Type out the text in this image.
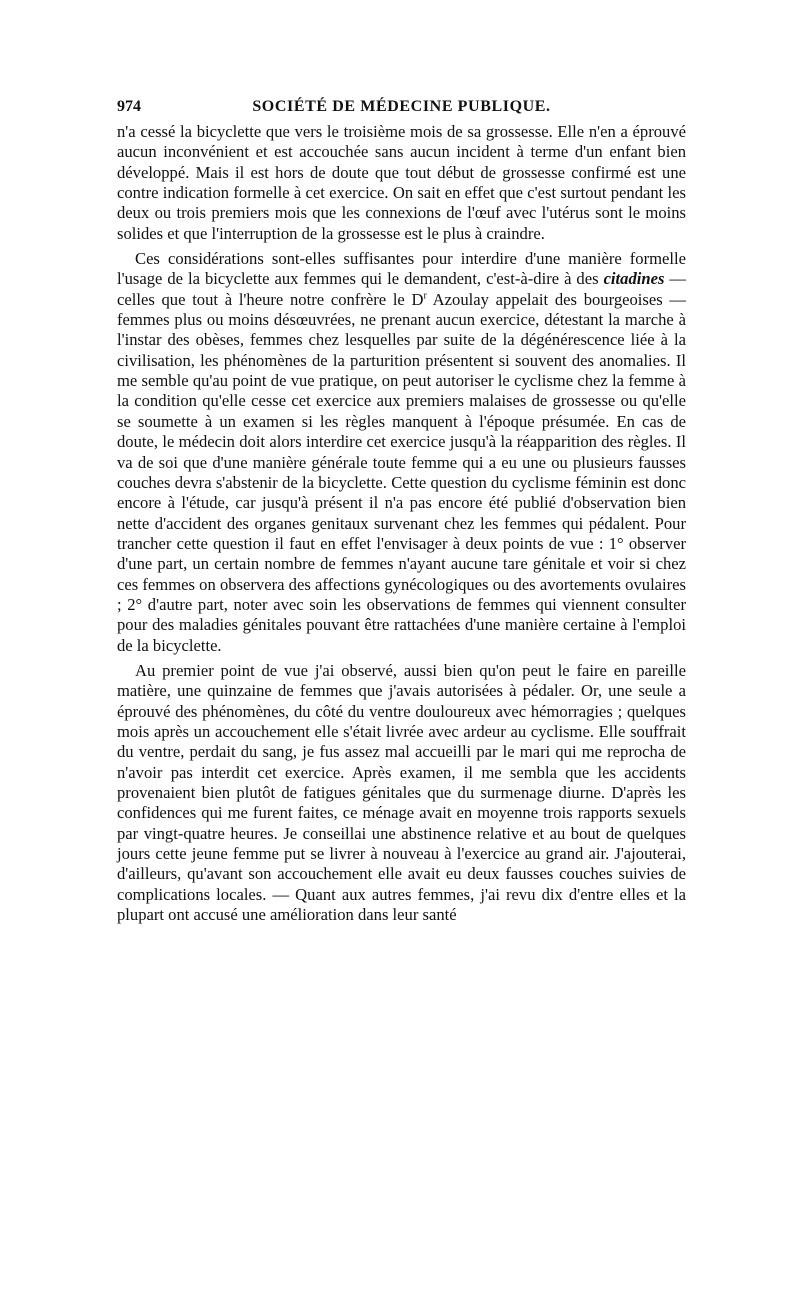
974	SOCIÉTÉ DE MÉDECINE PUBLIQUE.

n'a cessé la bicyclette que vers le troisième mois de sa grossesse. Elle n'en a éprouvé aucun inconvénient et est accouchée sans aucun incident à terme d'un enfant bien développé. Mais il est hors de doute que tout début de grossesse confirmé est une contre indication formelle à cet exercice. On sait en effet que c'est surtout pendant les deux ou trois premiers mois que les connexions de l'œuf avec l'utérus sont le moins solides et que l'interruption de la grossesse est le plus à craindre.

Ces considérations sont-elles suffisantes pour interdire d'une manière formelle l'usage de la bicyclette aux femmes qui le demandent, c'est-à-dire à des citadines — celles que tout à l'heure notre confrère le $D^r$ Azoulay appelait des bourgeoises — femmes plus ou moins désœuvrées, ne prenant aucun exercice, détestant la marche à l'instar des obèses, femmes chez lesquelles par suite de la dégénérescence liée à la civilisation, les phénomènes de la parturition présentent si souvent des anomalies. Il me semble qu'au point de vue pratique, on peut autoriser le cyclisme chez la femme à la condition qu'elle cesse cet exercice aux premiers malaises de grossesse ou qu'elle se soumette à un examen si les règles manquent à l'époque présumée. En cas de doute, le médecin doit alors interdire cet exercice jusqu'à la réapparition des règles. Il va de soi que d'une manière générale toute femme qui a eu une ou plusieurs fausses couches devra s'abstenir de la bicyclette. Cette question du cyclisme féminin est donc encore à l'étude, car jusqu'à présent il n'a pas encore été publié d'observation bien nette d'accident des organes genitaux survenant chez les femmes qui pédalent. Pour trancher cette question il faut en effet l'envisager à deux points de vue : 1° observer d'une part, un certain nombre de femmes n'ayant aucune tare génitale et voir si chez ces femmes on observera des affections gynécologiques ou des avortements ovulaires ; 2° d'autre part, noter avec soin les observations de femmes qui viennent consulter pour des maladies génitales pouvant être rattachées d'une manière certaine à l'emploi de la bicyclette.

Au premier point de vue j'ai observé, aussi bien qu'on peut le faire en pareille matière, une quinzaine de femmes que j'avais autorisées à pédaler. Or, une seule a éprouvé des phénomènes, du côté du ventre douloureux avec hémorragies ; quelques mois après un accouchement elle s'était livrée avec ardeur au cyclisme. Elle souffrait du ventre, perdait du sang, je fus assez mal accueilli par le mari qui me reprocha de n'avoir pas interdit cet exercice. Après examen, il me sembla que les accidents provenaient bien plutôt de fatigues génitales que du surmenage diurne. D'après les confidences qui me furent faites, ce ménage avait en moyenne trois rapports sexuels par vingt-quatre heures. Je conseillai une abstinence relative et au bout de quelques jours cette jeune femme put se livrer à nouveau à l'exercice au grand air. J'ajouterai, d'ailleurs, qu'avant son accouchement elle avait eu deux fausses couches suivies de complications locales. — Quant aux autres femmes, j'ai revu dix d'entre elles et la plupart ont accusé une amélioration dans leur santé
